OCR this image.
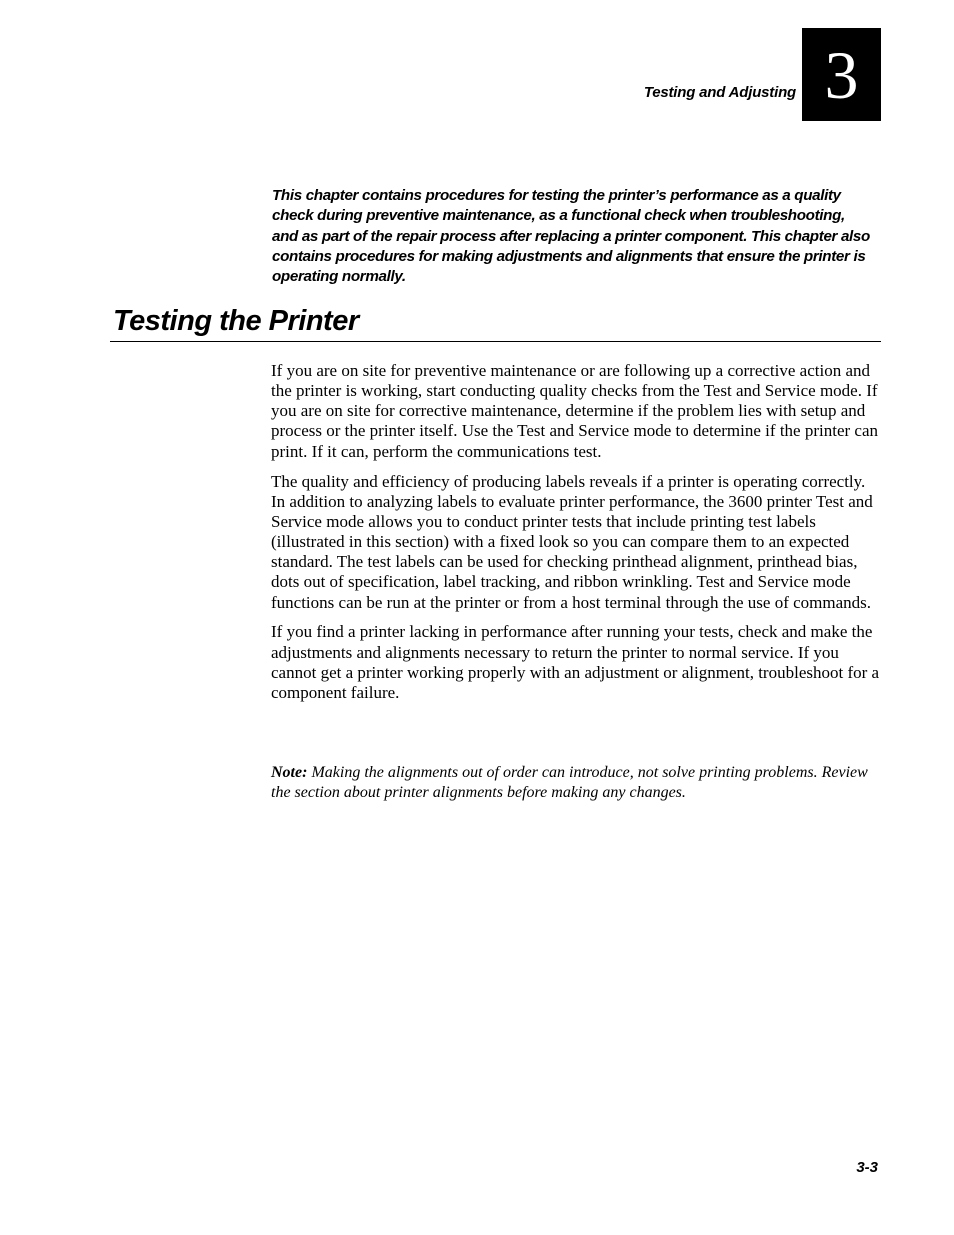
Testing and Adjusting 3

This chapter contains procedures for testing the printer’s performance as a quality check during preventive maintenance, as a functional check when troubleshooting, and as part of the repair process after replacing a printer component. This chapter also contains procedures for making adjustments and alignments that ensure the printer is operating normally.

Testing the Printer

If you are on site for preventive maintenance or are following up a corrective action and the printer is working, start conducting quality checks from the Test and Service mode. If you are on site for corrective maintenance, determine if the problem lies with setup and process or the printer itself. Use the Test and Service mode to determine if the printer can print. If it can, perform the communications test.

The quality and efficiency of producing labels reveals if a printer is operating correctly. In addition to analyzing labels to evaluate printer performance, the 3600 printer Test and Service mode allows you to conduct printer tests that include printing test labels (illustrated in this section) with a fixed look so you can compare them to an expected standard. The test labels can be used for checking printhead alignment, printhead bias, dots out of specification, label tracking, and ribbon wrinkling. Test and Service mode functions can be run at the printer or from a host terminal through the use of commands.

If you find a printer lacking in performance after running your tests, check and make the adjustments and alignments necessary to return the printer to normal service. If you cannot get a printer working properly with an adjustment or alignment, troubleshoot for a component failure.

Note: Making the alignments out of order can introduce, not solve printing problems. Review the section about printer alignments before making any changes.

3-3
